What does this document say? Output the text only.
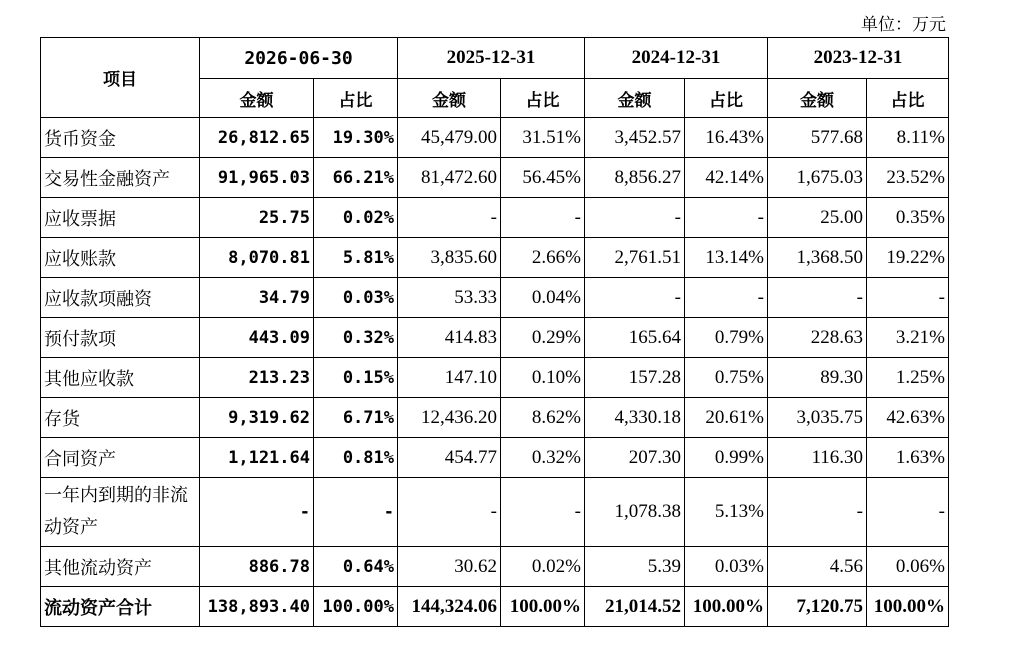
单位：万元
项目	2026-06-30		2025-12-31		2024-12-31		2023-12-31	
	金额	占比	金额	占比	金额	占比	金额	占比
货币资金	26,812.65	19.30%	45,479.00	31.51%	3,452.57	16.43%	577.68	8.11%
交易性金融资产	91,965.03	66.21%	81,472.60	56.45%	8,856.27	42.14%	1,675.03	23.52%
应收票据	25.75	0.02%	-	-	-	-	25.00	0.35%
应收账款	8,070.81	5.81%	3,835.60	2.66%	2,761.51	13.14%	1,368.50	19.22%
应收款项融资	34.79	0.03%	53.33	0.04%	-	-	-	-
预付款项	443.09	0.32%	414.83	0.29%	165.64	0.79%	228.63	3.21%
其他应收款	213.23	0.15%	147.10	0.10%	157.28	0.75%	89.30	1.25%
存货	9,319.62	6.71%	12,436.20	8.62%	4,330.18	20.61%	3,035.75	42.63%
合同资产	1,121.64	0.81%	454.77	0.32%	207.30	0.99%	116.30	1.63%
一年内到期的非流动资产	-	-	-	-	1,078.38	5.13%	-	-
其他流动资产	886.78	0.64%	30.62	0.02%	5.39	0.03%	4.56	0.06%
流动资产合计	138,893.40	100.00%	144,324.06	100.00%	21,014.52	100.00%	7,120.75	100.00%
